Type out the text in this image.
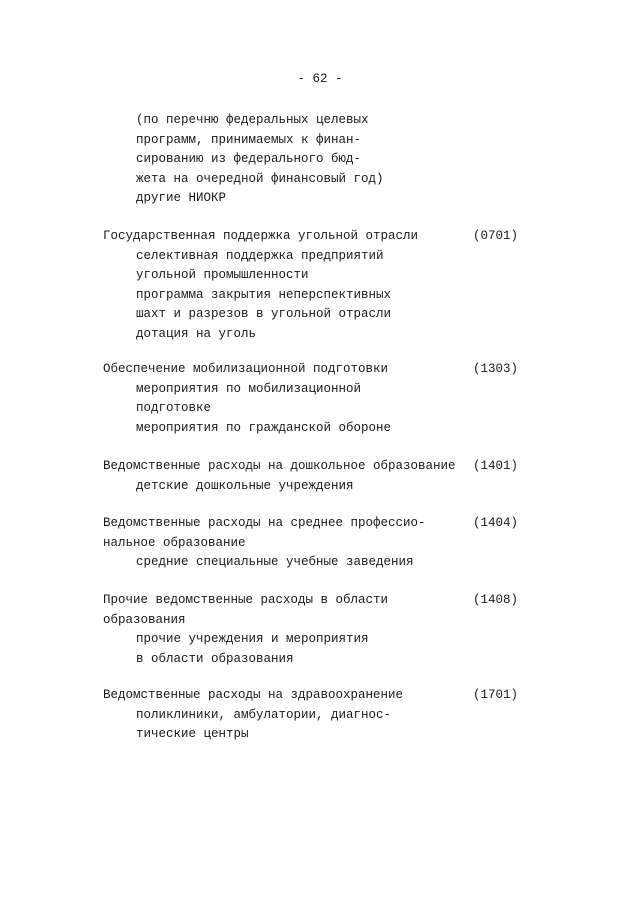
- 62 -
(по перечню федеральных целевых
программ, принимаемых к финан-
сированию из федерального бюд-
жета на очередной финансовый год)
другие НИОКР
Государственная поддержка угольной отрасли	(0701)
селективная поддержка предприятий
угольной промышленности
программа закрытия неперспективных
шахт и разрезов в угольной отрасли
дотация на уголь
Обеспечение мобилизационной подготовки	(1303)
мероприятия по мобилизационной
подготовке
мероприятия по гражданской обороне
Ведомственные расходы на дошкольное образование (1401)
детские дошкольные учреждения
Ведомственные расходы на среднее профессио-	(1404)
нальное образование
средние специальные учебные заведения
Прочие ведомственные расходы в области	(1408)
образования
прочие учреждения и мероприятия
в области образования
Ведомственные расходы на здравоохранение	(1701)
поликлиники, амбулатории, диагнос-
тические центры
